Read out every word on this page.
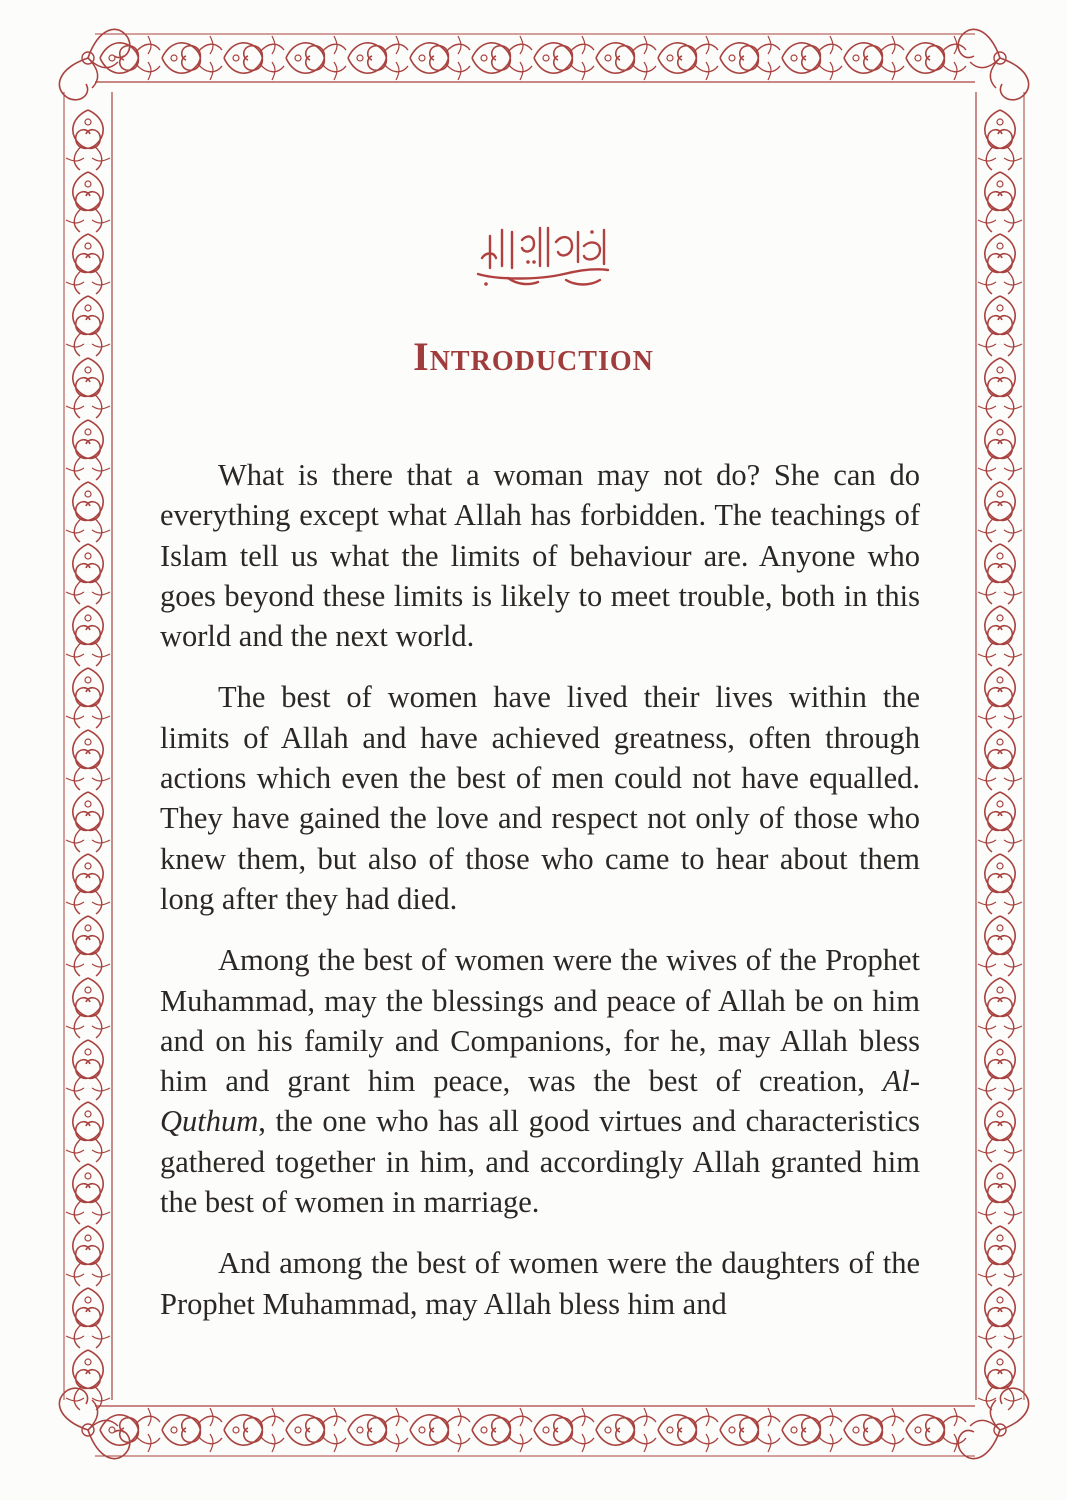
Introduction

What is there that a woman may not do? She can do everything except what Allah has forbidden. The teachings of Islam tell us what the limits of behaviour are. Anyone who goes beyond these limits is likely to meet trouble, both in this world and the next world.

The best of women have lived their lives within the limits of Allah and have achieved greatness, often through actions which even the best of men could not have equalled. They have gained the love and respect not only of those who knew them, but also of those who came to hear about them long after they had died.

Among the best of women were the wives of the Prophet Muhammad, may the blessings and peace of Allah be on him and on his family and Companions, for he, may Allah bless him and grant him peace, was the best of creation, Al-Quthum, the one who has all good virtues and characteristics gathered together in him, and accordingly Allah granted him the best of women in marriage.

And among the best of women were the daughters of the Prophet Muhammad, may Allah bless him and
